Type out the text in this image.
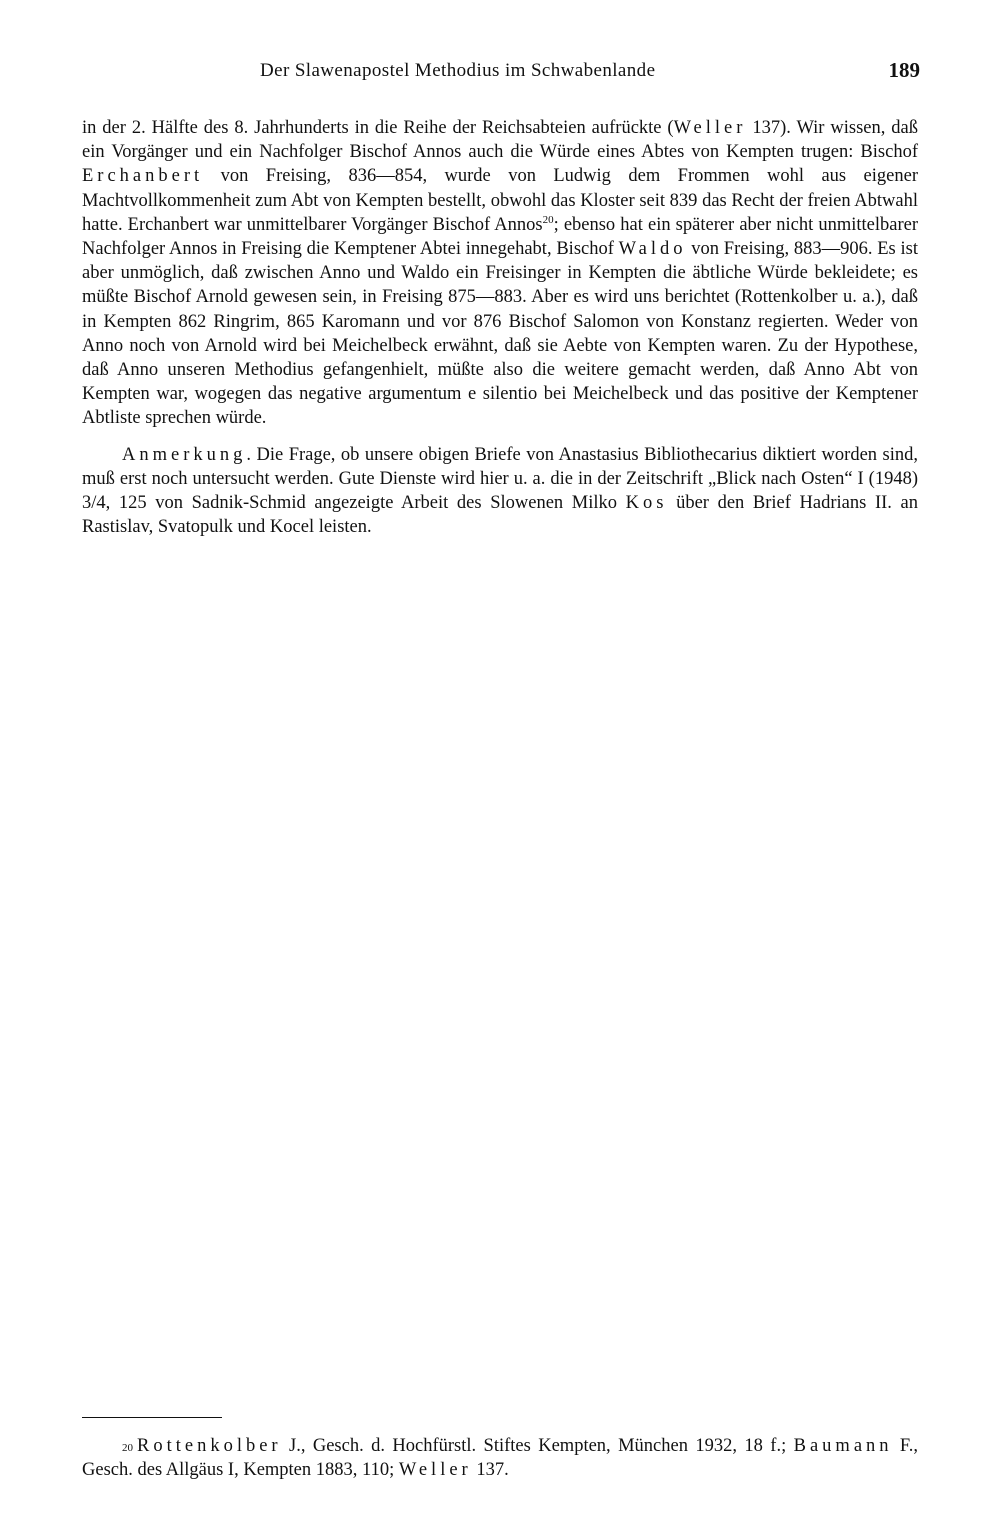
Der Slawenapostel Methodius im Schwabenlande	189

in der 2. Hälfte des 8. Jahrhunderts in die Reihe der Reichsabteien aufrückte (Weller 137). Wir wissen, daß ein Vorgänger und ein Nachfolger Bischof Annos auch die Würde eines Abtes von Kempten trugen: Bischof Erchanbert von Freising, 836—854, wurde von Ludwig dem Frommen wohl aus eigener Machtvollkommenheit zum Abt von Kempten bestellt, obwohl das Kloster seit 839 das Recht der freien Abtwahl hatte. Erchanbert war unmittelbarer Vorgänger Bischof Annos$^{20}$; ebenso hat ein späterer aber nicht unmittelbarer Nachfolger Annos in Freising die Kemptener Abtei innegehabt, Bischof Waldo von Freising, 883—906. Es ist aber unmöglich, daß zwischen Anno und Waldo ein Freisinger in Kempten die äbtliche Würde bekleidete; es müßte Bischof Arnold gewesen sein, in Freising 875—883. Aber es wird uns berichtet (Rottenkolber u. a.), daß in Kempten 862 Ringrim, 865 Karomann und vor 876 Bischof Salomon von Konstanz regierten. Weder von Anno noch von Arnold wird bei Meichelbeck erwähnt, daß sie Aebte von Kempten waren. Zu der Hypothese, daß Anno unseren Methodius gefangenhielt, müßte also die weitere gemacht werden, daß Anno Abt von Kempten war, wogegen das negative argumentum e silentio bei Meichelbeck und das positive der Kemptener Abtliste sprechen würde.

Anmerkung. Die Frage, ob unsere obigen Briefe von Anastasius Bibliothecarius diktiert worden sind, muß erst noch untersucht werden. Gute Dienste wird hier u. a. die in der Zeitschrift „Blick nach Osten“ I (1948) 3/4, 125 von Sadnik-Schmid angezeigte Arbeit des Slowenen Milko Kos über den Brief Hadrians II. an Rastislav, Svatopulk und Kocel leisten.

$^{20}$ Rottenkolber J., Gesch. d. Hochfürstl. Stiftes Kempten, München 1932, 18 f.; Baumann F., Gesch. des Allgäus I, Kempten 1883, 110; Weller 137.
